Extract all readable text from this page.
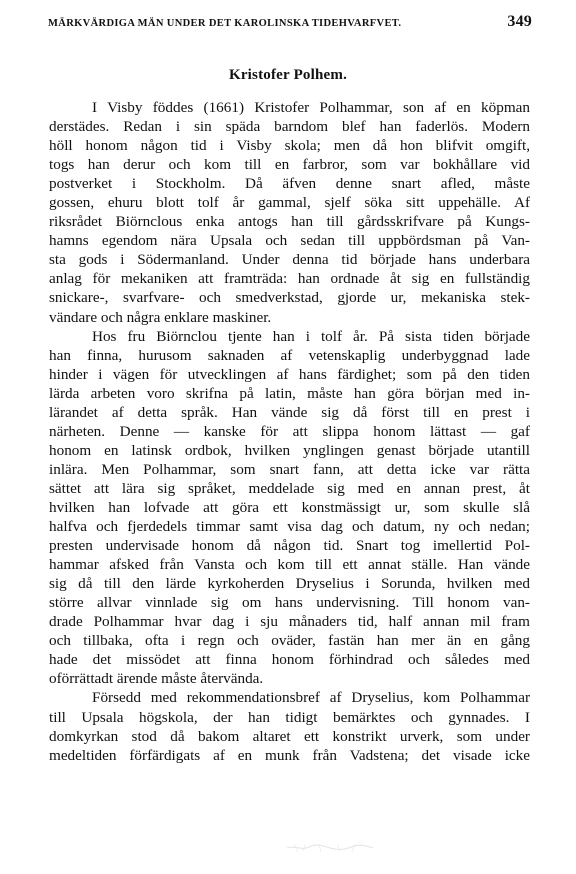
MÄRKVÄRDIGA MÄN UNDER DET KAROLINSKA TIDEHVARFVET.	349
Kristofer Polhem.
I Visby föddes (1661) Kristofer Polhammar, son af en köpman
derstädes. Redan i sin späda barndom blef han faderlös. Modern
höll honom någon tid i Visby skola; men då hon blifvit omgift,
togs han derur och kom till en farbror, som var bokhållare vid
postverket i Stockholm. Då äfven denne snart afled, måste
gossen, ehuru blott tolf år gammal, sjelf söka sitt uppehälle. Af
riksrådet Biörnclous enka antogs han till gårdsskrifvare på Kungs-
hamns egendom nära Upsala och sedan till uppbördsman på Van-
sta gods i Södermanland. Under denna tid började hans underbara
anlag för mekaniken att framträda: han ordnade åt sig en fullständig
snickare-, svarfvare- och smedverkstad, gjorde ur, mekaniska stek-
vändare och några enklare maskiner.
Hos fru Biörnclou tjente han i tolf år. På sista tiden började
han finna, hurusom saknaden af vetenskaplig underbyggnad lade
hinder i vägen för utvecklingen af hans färdighet; som på den tiden
lärda arbeten voro skrifna på latin, måste han göra början med in-
lärandet af detta språk. Han vände sig då först till en prest i
närheten. Denne — kanske för att slippa honom lättast — gaf
honom en latinsk ordbok, hvilken ynglingen genast började utantill
inlära. Men Polhammar, som snart fann, att detta icke var rätta
sättet att lära sig språket, meddelade sig med en annan prest, åt
hvilken han lofvade att göra ett konstmässigt ur, som skulle slå
halfva och fjerdedels timmar samt visa dag och datum, ny och nedan;
presten undervisade honom då någon tid. Snart tog imellertid Pol-
hammar afsked från Vansta och kom till ett annat ställe. Han vände
sig då till den lärde kyrkoherden Dryselius i Sorunda, hvilken med
större allvar vinnlade sig om hans undervisning. Till honom van-
drade Polhammar hvar dag i sju månaders tid, half annan mil fram
och tillbaka, ofta i regn och oväder, fastän han mer än en gång
hade det missödet att finna honom förhindrad och således med
oförrättadt ärende måste återvända.
Försedd med rekommendationsbref af Dryselius, kom Polhammar
till Upsala högskola, der han tidigt bemärktes och gynnades. I
domkyrkan stod då bakom altaret ett konstrikt urverk, som under
medeltiden förfärdigats af en munk från Vadstena; det visade icke
